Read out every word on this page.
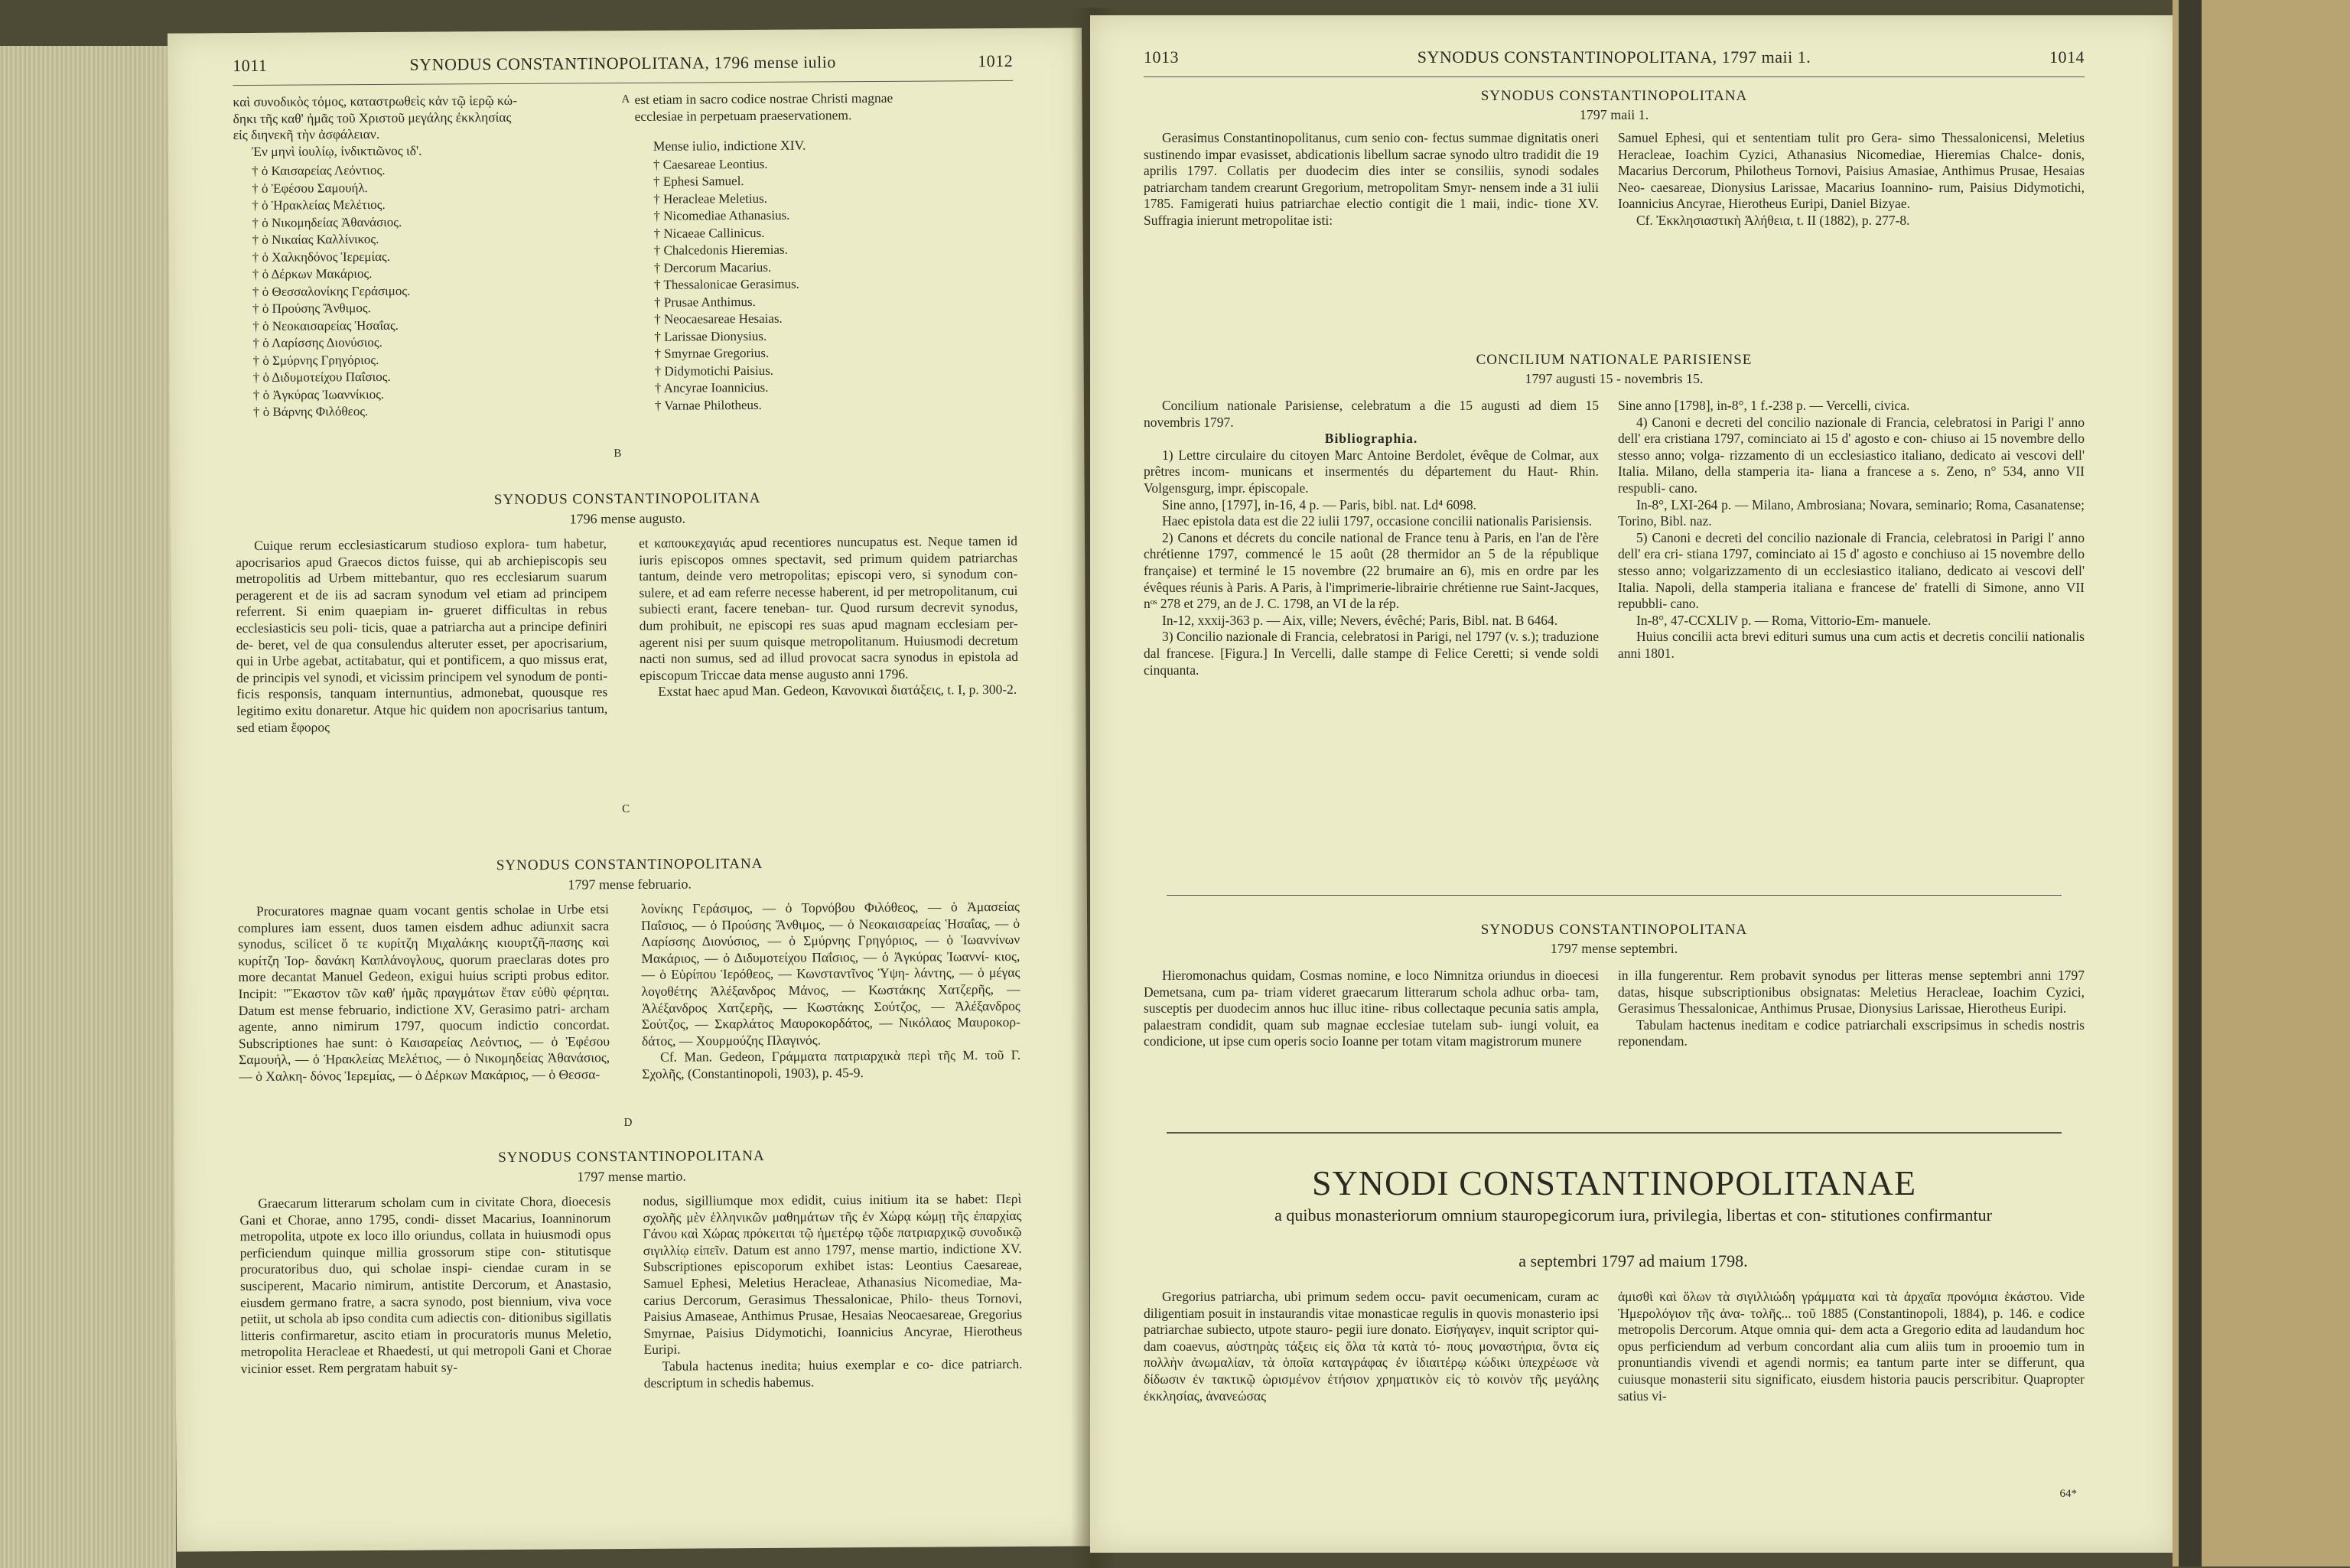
1011	SYNODUS CONSTANTINOPOLITANA, 1796 mense iulio	1012
καὶ συνοδικὸς τόμος, καταστρωθεὶς κἀν τῷ ἱερῷ κώ-
δηκι τῆς καθ' ἡμᾶς τοῦ Χριστοῦ μεγάλης ἐκκλησίας
εἰς διηνεκῆ τὴν ἀσφάλειαν.
Ἐν μηνὶ ἰουλίῳ, ἰνδικτιῶνος ιδ'.
† ὁ Καισαρείας Λεόντιος.
† ὁ Ἐφέσου Σαμουήλ.
† ὁ Ἡρακλείας Μελέτιος.
† ὁ Νικομηδείας Ἀθανάσιος.
† ὁ Νικαίας Καλλίνικος.
† ὁ Χαλκηδόνος Ἱερεμίας.
† ὁ Δέρκων Μακάριος.
† ὁ Θεσσαλονίκης Γεράσιμος.
† ὁ Προύσης Ἄνθιμος.
† ὁ Νεοκαισαρείας Ἡσαΐας.
† ὁ Λαρίσσης Διονύσιος.
† ὁ Σμύρνης Γρηγόριος.
† ὁ Διδυμοτείχου Παΐσιος.
† ὁ Ἀγκύρας Ἰωαννίκιος.
† ὁ Βάρνης Φιλόθεος.
A est etiam in sacro codice nostrae Christi magnae
ecclesiae in perpetuam praeservationem.
Mense iulio, indictione XIV.
† Caesareae Leontius.
† Ephesi Samuel.
† Heracleae Meletius.
† Nicomediae Athanasius.
† Nicaeae Callinicus.
† Chalcedonis Hieremias.
† Dercorum Macarius.
† Thessalonicae Gerasimus.
† Prusae Anthimus.
† Neocaesareae Hesaias.
† Larissae Dionysius.
† Smyrnae Gregorius.
† Didymotichi Paisius.
† Ancyrae Ioannicius.
† Varnae Philotheus.
B
SYNODUS CONSTANTINOPOLITANA
1796 mense augusto.

Cuique rerum ecclesiasticarum studioso explora- tum habetur, apocrisarios apud Graecos dictos fuisse, qui ab archiepiscopis seu metropolitis ad Urbem mittebantur, quo res ecclesiarum suarum peragerent et de iis ad sacram synodum vel etiam ad principem referrent. Si enim quaepiam in- grueret difficultas in rebus ecclesiasticis seu poli- ticis, quae a patriarcha aut a principe definiri de- beret, vel de qua consulendus alteruter esset, per apocrisarium, qui in Urbe agebat, actitabatur, qui et pontificem, a quo missus erat, de principis vel synodi, et vicissim principem vel synodum de ponti- ficis responsis, tanquam internuntius, admonebat, quousque res legitimo exitu donaretur. Atque hic quidem non apocrisarius tantum, sed etiam ἔφορος

et καπουκεχαγιάς apud recentiores nuncupatus est. Neque tamen id iuris episcopos omnes spectavit, sed primum quidem patriarchas tantum, deinde vero metropolitas; episcopi vero, si synodum con- sulere, et ad eam referre necesse haberent, id per metropolitanum, cui subiecti erant, facere teneban- tur. Quod rursum decrevit synodus, dum prohibuit, ne episcopi res suas apud magnam ecclesiam per- agerent nisi per suum quisque metropolitanum. Huiusmodi decretum nacti non sumus, sed ad illud provocat sacra synodus in epistola ad episcopum Triccae data mense augusto anni 1796.

Exstat haec apud Man. Gedeon, Κανονικαὶ διατάξεις, t. I, p. 300-2.

C
SYNODUS CONSTANTINOPOLITANA
1797 mense februario.

Procuratores magnae quam vocant gentis scholae in Urbe etsi complures iam essent, duos tamen eisdem adhuc adiunxit sacra synodus, scilicet ὅ τε κυρίτζη Μιχαλάκης κιουρτζῆ-πασης καὶ κυρίτζη Ἰορ- δανάκη Καπλάνογλους, quorum praeclaras dotes pro more decantat Manuel Gedeon, exigui huius scripti probus editor. Incipit: "Ἕκαστον τῶν καθ' ἡμᾶς πραγμάτων ἔταν εὐθὺ φέρηται. Datum est mense februario, indictione XV, Gerasimo patri- archam agente, anno nimirum 1797, quocum indictio concordat. Subscriptiones hae sunt: ὁ Καισαρείας Λεόντιος, — ὁ Ἐφέσου Σαμουήλ, — ὁ Ἡρακλείας Μελέτιος, — ὁ Νικομηδείας Ἀθανάσιος, — ὁ Χαλκη- δόνος Ἱερεμίας, — ὁ Δέρκων Μακάριος, — ὁ Θεσσα-

λονίκης Γεράσιμος, — ὁ Τορνόβου Φιλόθεος, — ὁ Ἀμασείας Παΐσιος, — ὁ Προύσης Ἄνθιμος, — ὁ Νεοκαισαρείας Ἡσαΐας, — ὁ Λαρίσσης Διονύσιος, — ὁ Σμύρνης Γρηγόριος, — ὁ Ἰωαννίνων Μακάριος, — ὁ Διδυμοτείχου Παΐσιος, — ὁ Ἀγκύρας Ἰωαννί- κιος, — ὁ Εὐρίπου Ἱερόθεος, — Κωνσταντῖνος Ὑψη- λάντης, — ὁ μέγας λογοθέτης Ἀλέξανδρος Μάνος, — Κωστάκης Χατζερῆς, — Ἀλέξανδρος Χατζερῆς, — Κωστάκης Σούτζος, — Ἀλέξανδρος Σούτζος, — Σκαρλάτος Μαυροκορδάτος, — Νικόλαος Μαυροκορ- δάτος, — Χουρμούζης Πλαγινός.

Cf. Man. Gedeon, Γράμματα πατριαρχικὰ περὶ τῆς Μ. τοῦ Γ. Σχολῆς, (Constantinopoli, 1903), p. 45-9.

D
SYNODUS CONSTANTINOPOLITANA
1797 mense martio.

Graecarum litterarum scholam cum in civitate Chora, dioecesis Gani et Chorae, anno 1795, condi- disset Macarius, Ioanninorum metropolita, utpote ex loco illo oriundus, collata in huiusmodi opus perficiendum quinque millia grossorum stipe con- stitutisque procuratoribus duo, qui scholae inspi- ciendae curam in se susciperent, Macario nimirum, antistite Dercorum, et Anastasio, eiusdem germano fratre, a sacra synodo, post biennium, viva voce petiit, ut schola ab ipso condita cum adiectis con- ditionibus sigillatis litteris confirmaretur, ascito etiam in procuratoris munus Meletio, metropolita Heracleae et Rhaedesti, ut qui metropoli Gani et Chorae vicinior esset. Rem pergratam habuit sy-

nodus, sigilliumque mox edidit, cuius initium ita se habet: Περὶ σχολῆς μὲν ἑλληνικῶν μαθημάτων τῆς ἐν Χώρᾳ κώμῃ τῆς ἐπαρχίας Γάνου καὶ Χώρας πρόκειται τῷ ἡμετέρῳ τῷδε πατριαρχικῷ συνοδικῷ σιγιλλίῳ εἰπεῖν. Datum est anno 1797, mense martio, indictione XV. Subscriptiones episcoporum exhibet istas: Leontius Caesareae, Samuel Ephesi, Meletius Heracleae, Athanasius Nicomediae, Ma- carius Dercorum, Gerasimus Thessalonicae, Philo- theus Tornovi, Paisius Amaseae, Anthimus Prusae, Hesaias Neocaesareae, Gregorius Smyrnae, Paisius Didymotichi, Ioannicius Ancyrae, Hierotheus Euripi.

Tabula hactenus inedita; huius exemplar e co- dice patriarch. descriptum in schedis habemus.

1013	SYNODUS CONSTANTINOPOLITANA, 1797 maii 1.	1014
SYNODUS CONSTANTINOPOLITANA
1797 maii 1.

Gerasimus Constantinopolitanus, cum senio con- fectus summae dignitatis oneri sustinendo impar evasisset, abdicationis libellum sacrae synodo ultro tradidit die 19 aprilis 1797. Collatis per duodecim dies inter se consiliis, synodi sodales patriarcham tandem crearunt Gregorium, metropolitam Smyr- nensem inde a 31 iulii 1785. Famigerati huius patriarchae electio contigit die 1 maii, indic- tione XV. Suffragia inierunt metropolitae isti:

Samuel Ephesi, qui et sententiam tulit pro Gera- simo Thessalonicensi, Meletius Heracleae, Ioachim Cyzici, Athanasius Nicomediae, Hieremias Chalce- donis, Macarius Dercorum, Philotheus Tornovi, Paisius Amasiae, Anthimus Prusae, Hesaias Neo- caesareae, Dionysius Larissae, Macarius Ioannino- rum, Paisius Didymotichi, Ioannicius Ancyrae, Hierotheus Euripi, Daniel Bizyae.

Cf. Ἐκκλησιαστικὴ Ἀλήθεια, t. II (1882), p. 277-8.

CONCILIUM NATIONALE PARISIENSE
1797 augusti 15 - novembris 15.

Concilium nationale Parisiense, celebratum a die 15 augusti ad diem 15 novembris 1797.

Bibliographia.

1) Lettre circulaire du citoyen Marc Antoine Berdolet, évêque de Colmar, aux prêtres incom- municans et insermentés du département du Haut- Rhin. Volgensgurg, impr. épiscopale.

Sine anno, [1797], in-16, 4 p. — Paris, bibl. nat. Ld⁴ 6098.

Haec epistola data est die 22 iulii 1797, occasione concilii nationalis Parisiensis.

2) Canons et décrets du concile national de France tenu à Paris, en l'an de l'ère chrétienne 1797, commencé le 15 août (28 thermidor an 5 de la république française) et terminé le 15 novembre (22 brumaire an 6), mis en ordre par les évêques réunis à Paris. A Paris, à l'imprimerie-librairie chrétienne rue Saint-Jacques, nᵒˢ 278 et 279, an de J. C. 1798, an VI de la rép.

In-12, xxxij-363 p. — Aix, ville; Nevers, évêché; Paris, Bibl. nat. B 6464.

3) Concilio nazionale di Francia, celebratosi in Parigi, nel 1797 (v. s.); traduzione dal francese. [Figura.] In Vercelli, dalle stampe di Felice Ceretti; si vende soldi cinquanta.

Sine anno [1798], in-8°, 1 f.-238 p. — Vercelli, civica.

4) Canoni e decreti del concilio nazionale di Francia, celebratosi in Parigi l' anno dell' era cristiana 1797, cominciato ai 15 d' agosto e con- chiuso ai 15 novembre dello stesso anno; volga- rizzamento di un ecclesiastico italiano, dedicato ai vescovi dell' Italia. Milano, della stamperia ita- liana a francese a s. Zeno, n° 534, anno VII respubli- cano.

In-8°, LXI-264 p. — Milano, Ambrosiana; Novara, seminario; Roma, Casanatense; Torino, Bibl. naz.

5) Canoni e decreti del concilio nazionale di Francia, celebratosi in Parigi l' anno dell' era cri- stiana 1797, cominciato ai 15 d' agosto e conchiuso ai 15 novembre dello stesso anno; volgarizzamento di un ecclesiastico italiano, dedicato ai vescovi dell' Italia. Napoli, della stamperia italiana e francese de' fratelli di Simone, anno VII repubbli- cano.

In-8°, 47-CCXLIV p. — Roma, Vittorio-Em- manuele.

Huius concilii acta brevi edituri sumus una cum actis et decretis concilii nationalis anni 1801.

SYNODUS CONSTANTINOPOLITANA
1797 mense septembri.

Hieromonachus quidam, Cosmas nomine, e loco Nimnitza oriundus in dioecesi Demetsana, cum pa- triam videret graecarum litterarum schola adhuc orba- tam, susceptis per duodecim annos huc illuc itine- ribus collectaque pecunia satis ampla, palaestram condidit, quam sub magnae ecclesiae tutelam sub- iungi voluit, ea condicione, ut ipse cum operis socio Ioanne per totam vitam magistrorum munere

in illa fungerentur. Rem probavit synodus per litteras mense septembri anni 1797 datas, hisque subscriptionibus obsignatas: Meletius Heracleae, Ioachim Cyzici, Gerasimus Thessalonicae, Anthimus Prusae, Dionysius Larissae, Hierotheus Euripi.

Tabulam hactenus ineditam e codice patriarchali exscripsimus in schedis nostris reponendam.

SYNODI CONSTANTINOPOLITANAE
a quibus monasteriorum omnium stauropegicorum iura, privilegia, libertas et con- stitutiones confirmantur
a septembri 1797 ad maium 1798.

Gregorius patriarcha, ubi primum sedem occu- pavit oecumenicam, curam ac diligentiam posuit in instaurandis vitae monasticae regulis in quovis monasterio ipsi patriarchae subiecto, utpote stauro- pegii iure donato. Εἰσήγαγεν, inquit scriptor qui- dam coaevus, αὐστηρὰς τάξεις εἰς ὅλα τὰ κατὰ τό- πους μοναστήρια, ὄντα εἰς πολλὴν ἀνωμαλίαν, τὰ ὁποῖα καταγράφας ἐν ἰδιαιτέρῳ κώδικι ὑπεχρέωσε νὰ δίδωσιν ἐν τακτικῷ ὡρισμένον ἐτήσιον χρηματικὸν εἰς τὸ κοινὸν τῆς μεγάλης ἐκκλησίας, ἀνανεώσας

ἀμισθὶ καὶ ὅλων τὰ σιγιλλιώδη γράμματα καὶ τὰ ἀρχαῖα προνόμια ἑκάστου. Vide Ἡμερολόγιον τῆς ἀνα- τολῆς... τοῦ 1885 (Constantinopoli, 1884), p. 146. e codice metropolis Dercorum. Atque omnia qui- dem acta a Gregorio edita ad laudandum hoc opus perficiendum ad verbum concordant alia cum aliis tum in prooemio tum in pronuntiandis vivendi et agendi normis; ea tantum parte inter se differunt, qua cuiusque monasterii situ significato, eiusdem historia paucis perscribitur. Quapropter satius vi-

64*
